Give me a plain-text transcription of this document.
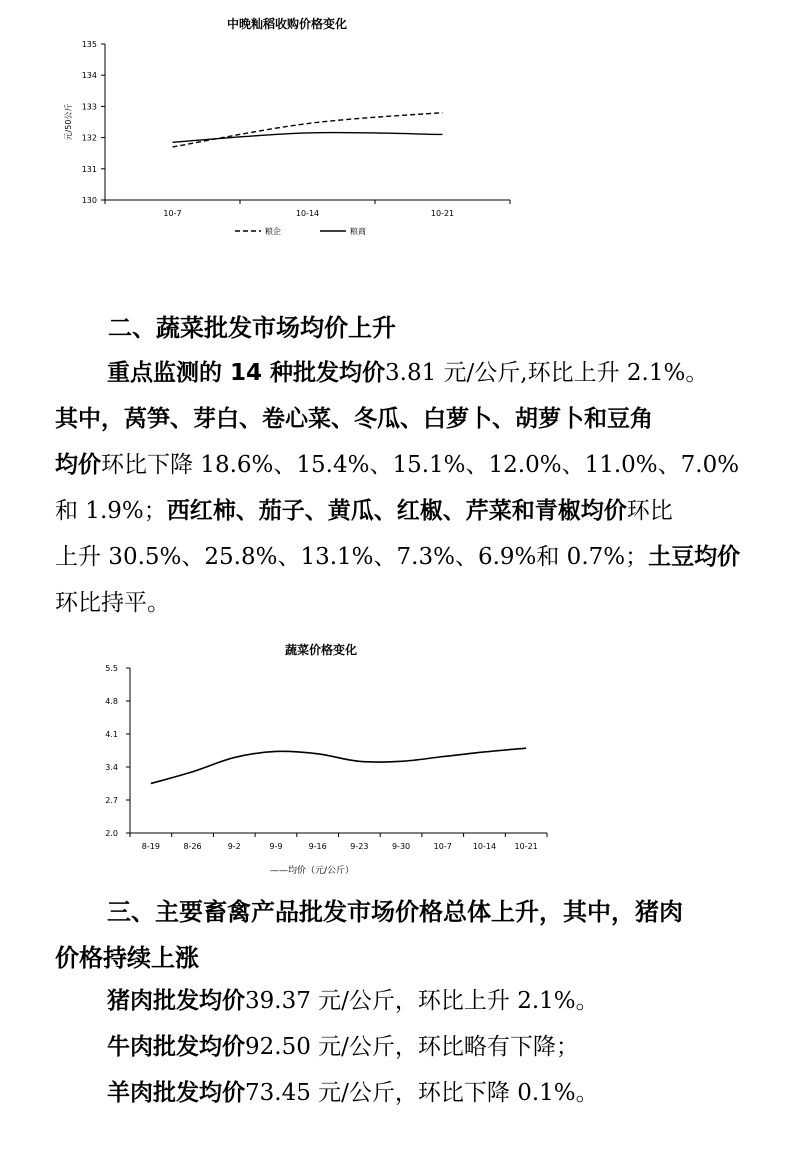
中晚籼稻收购价格变化
130
131
132
133
134
135
10-7	10-14	10-21
元/50公斤
粮企	粮商
二、蔬菜批发市场均价上升
重点监测的 14 种批发均价3.81 元/公斤,环比上升 2.1%。
其中，莴笋、芽白、卷心菜、冬瓜、白萝卜、胡萝卜和豆角
均价环比下降 18.6%、15.4%、15.1%、12.0%、11.0%、7.0%
和 1.9%；西红柿、茄子、黄瓜、红椒、芹菜和青椒均价环比
上升 30.5%、25.8%、13.1%、7.3%、6.9%和 0.7%；土豆均价
环比持平。
蔬菜价格变化
2.0
2.7
3.4
4.1
4.8
5.5
8-19	8-26	9-2	9-9	9-16	9-23	9-30	10-7	10-14 10-21
——均价（元/公斤）
三、主要畜禽产品批发市场价格总体上升，其中，猪肉
价格持续上涨
猪肉批发均价39.37 元/公斤，环比上升 2.1%。
牛肉批发均价92.50 元/公斤，环比略有下降；
羊肉批发均价73.45 元/公斤，环比下降 0.1%。
